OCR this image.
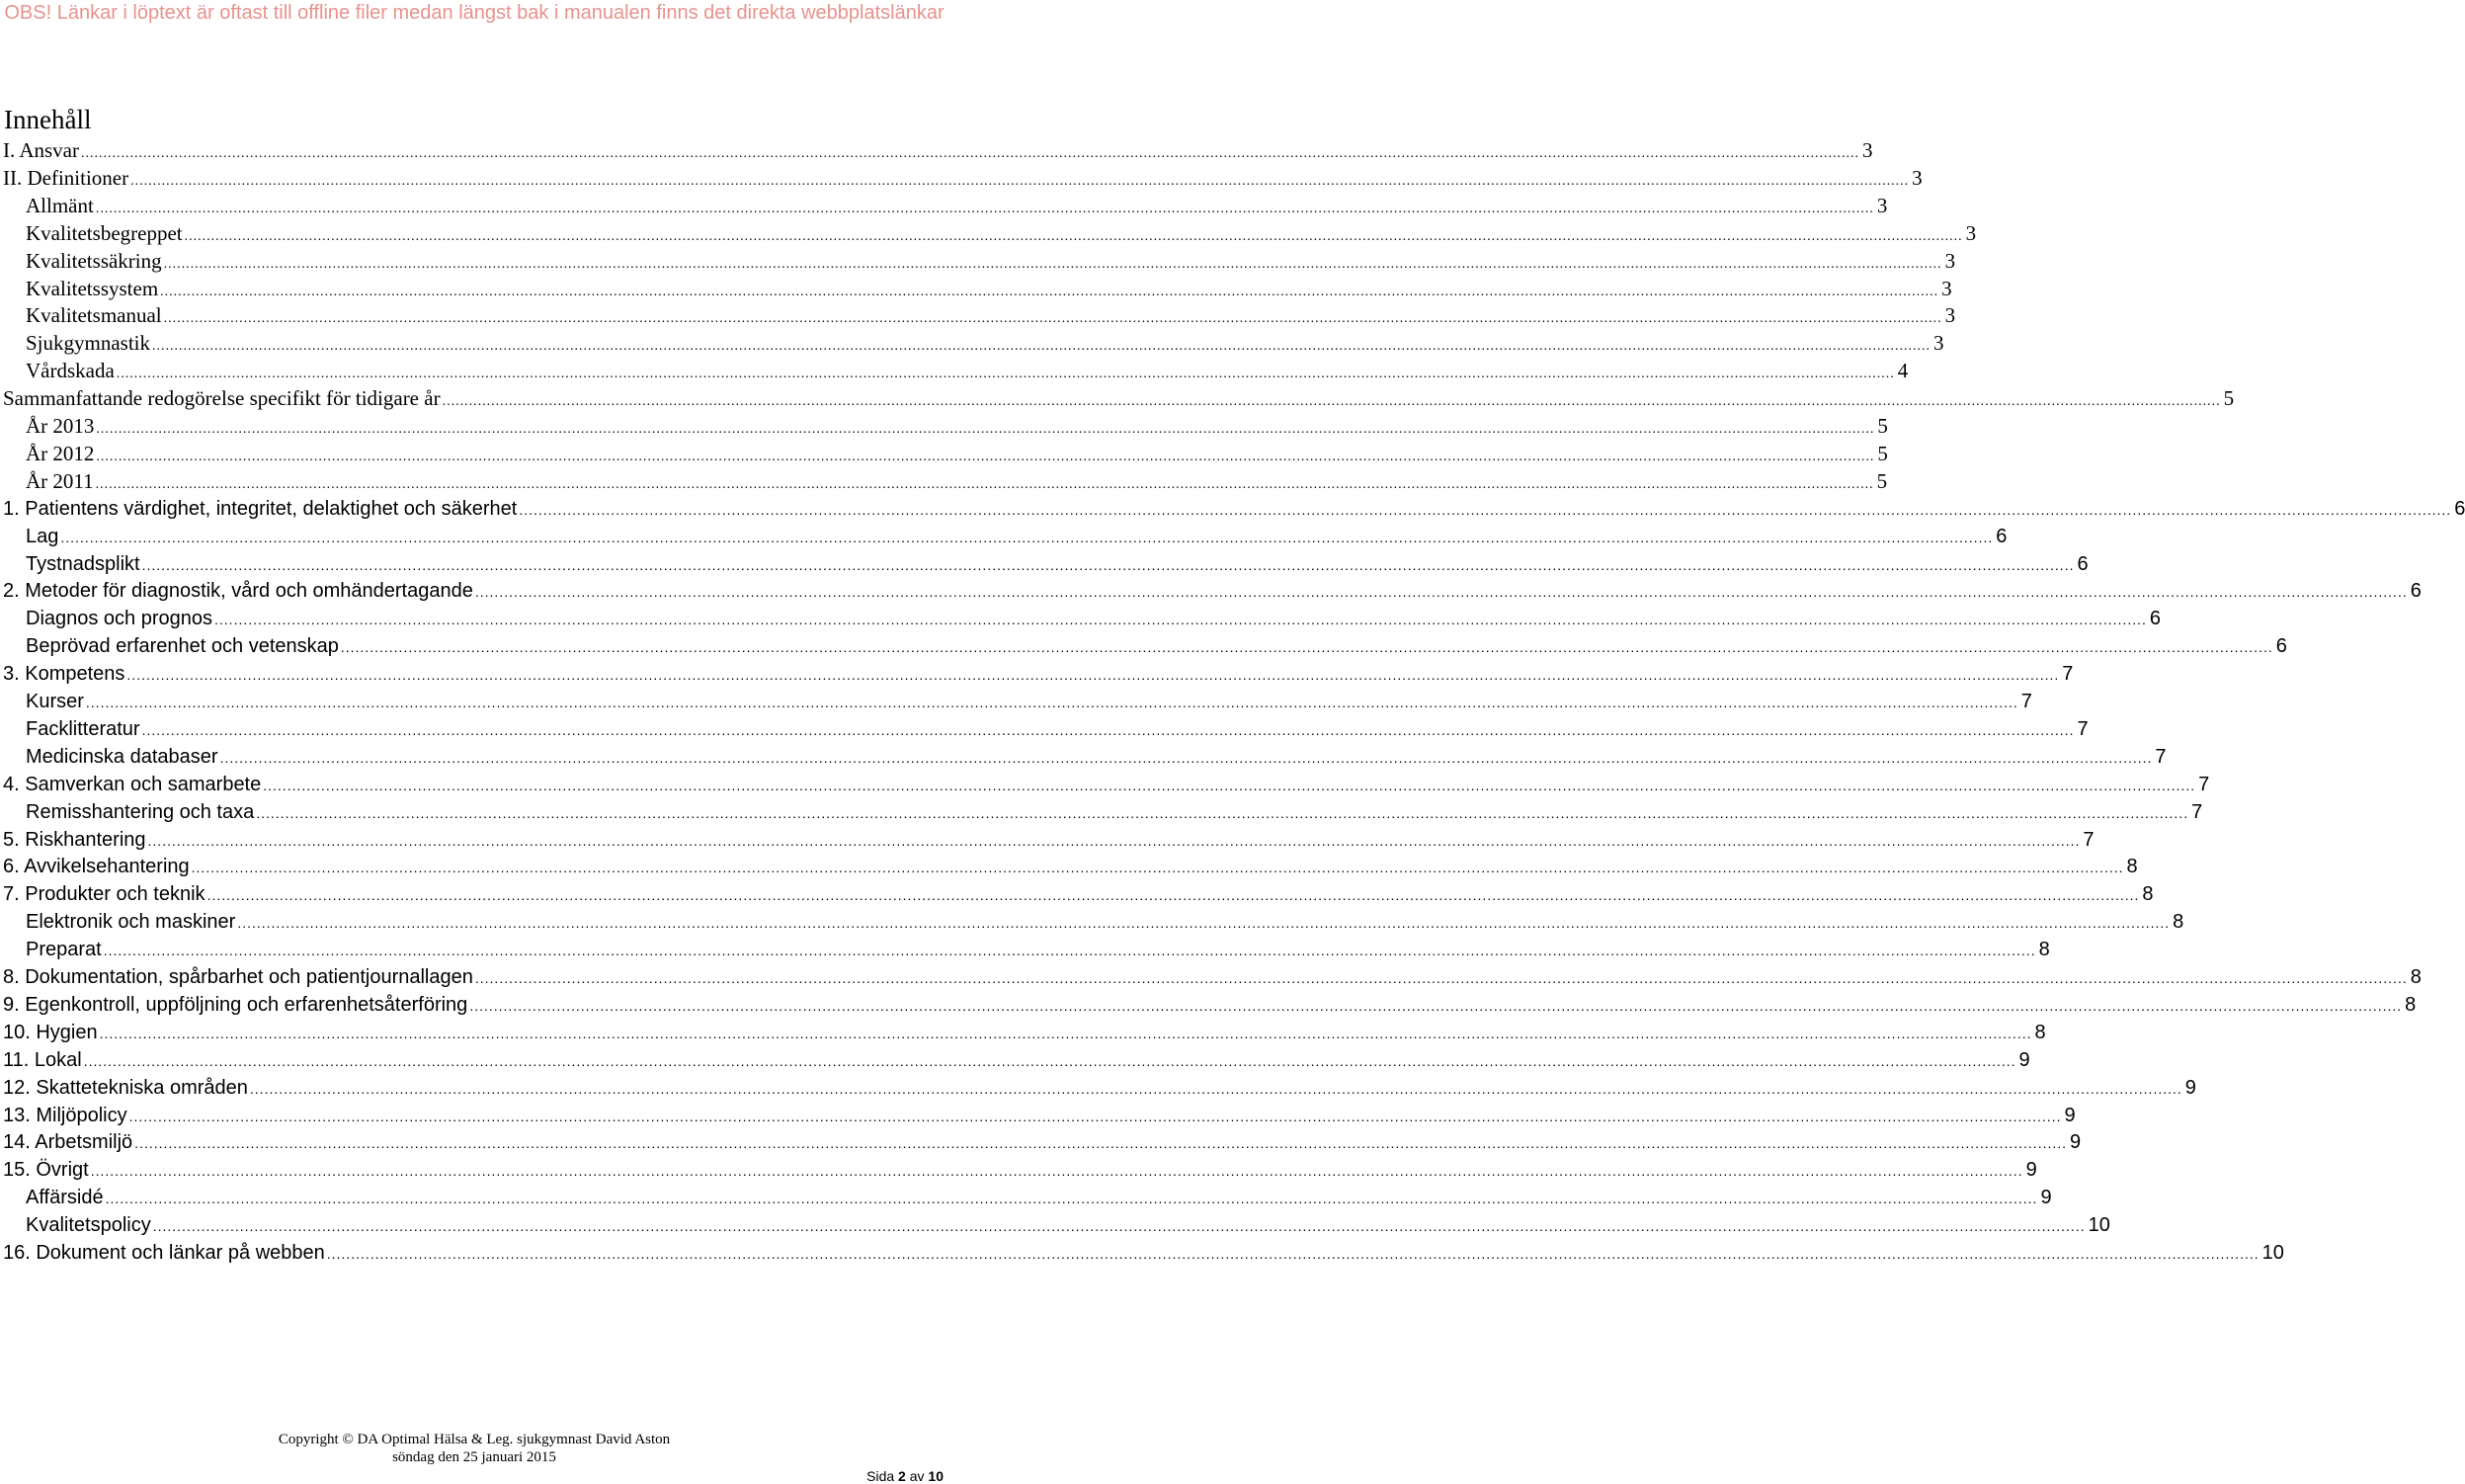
OBS! Länkar i löptext är oftast till offline filer medan längst bak i manualen finns det direkta webbplatslänkar
Innehåll
I. Ansvar ................................................................................................................................................................................................................................................................................................................................................................................................................ 3
II. Definitioner ................................................................................................................................................................................................................................................................................................................................................................................................................ 3
Allmänt ................................................................................................................................................................................................................................................................................................................................................................................................................ 3
Kvalitetsbegreppet ................................................................................................................................................................................................................................................................................................................................................................................................................ 3
Kvalitetssäkring ................................................................................................................................................................................................................................................................................................................................................................................................................ 3
Kvalitetssystem ................................................................................................................................................................................................................................................................................................................................................................................................................ 3
Kvalitetsmanual ................................................................................................................................................................................................................................................................................................................................................................................................................ 3
Sjukgymnastik ................................................................................................................................................................................................................................................................................................................................................................................................................ 3
Vårdskada ................................................................................................................................................................................................................................................................................................................................................................................................................ 4
Sammanfattande redogörelse specifikt för tidigare år ................................................................................................................................................................................................................................................................................................................................................................................................................ 5
År 2013 ................................................................................................................................................................................................................................................................................................................................................................................................................ 5
År 2012 ................................................................................................................................................................................................................................................................................................................................................................................................................ 5
År 2011 ................................................................................................................................................................................................................................................................................................................................................................................................................ 5
1. Patientens värdighet, integritet, delaktighet och säkerhet ................................................................................................................................................................................................................................................................................................................................................................................................................ 6
Lag ................................................................................................................................................................................................................................................................................................................................................................................................................ 6
Tystnadsplikt ................................................................................................................................................................................................................................................................................................................................................................................................................ 6
2. Metoder för diagnostik, vård och omhändertagande ................................................................................................................................................................................................................................................................................................................................................................................................................ 6
Diagnos och prognos ................................................................................................................................................................................................................................................................................................................................................................................................................ 6
Beprövad erfarenhet och vetenskap ................................................................................................................................................................................................................................................................................................................................................................................................................ 6
3. Kompetens ................................................................................................................................................................................................................................................................................................................................................................................................................ 7
Kurser ................................................................................................................................................................................................................................................................................................................................................................................................................ 7
Facklitteratur ................................................................................................................................................................................................................................................................................................................................................................................................................ 7
Medicinska databaser ................................................................................................................................................................................................................................................................................................................................................................................................................ 7
4. Samverkan och samarbete ................................................................................................................................................................................................................................................................................................................................................................................................................ 7
Remisshantering och taxa ................................................................................................................................................................................................................................................................................................................................................................................................................ 7
5. Riskhantering ................................................................................................................................................................................................................................................................................................................................................................................................................ 7
6. Avvikelsehantering ................................................................................................................................................................................................................................................................................................................................................................................................................ 8
7. Produkter och teknik ................................................................................................................................................................................................................................................................................................................................................................................................................ 8
Elektronik och maskiner ................................................................................................................................................................................................................................................................................................................................................................................................................ 8
Preparat ................................................................................................................................................................................................................................................................................................................................................................................................................ 8
8. Dokumentation, spårbarhet och patientjournallagen ................................................................................................................................................................................................................................................................................................................................................................................................................ 8
9. Egenkontroll, uppföljning och erfarenhetsåterföring ................................................................................................................................................................................................................................................................................................................................................................................................................ 8
10. Hygien ................................................................................................................................................................................................................................................................................................................................................................................................................ 8
11. Lokal ................................................................................................................................................................................................................................................................................................................................................................................................................ 9
12. Skattetekniska områden ................................................................................................................................................................................................................................................................................................................................................................................................................ 9
13. Miljöpolicy ................................................................................................................................................................................................................................................................................................................................................................................................................ 9
14. Arbetsmiljö ................................................................................................................................................................................................................................................................................................................................................................................................................ 9
15. Övrigt ................................................................................................................................................................................................................................................................................................................................................................................................................ 9
Affärsidé ................................................................................................................................................................................................................................................................................................................................................................................................................ 9
Kvalitetspolicy ................................................................................................................................................................................................................................................................................................................................................................................................................ 10
16. Dokument och länkar på webben ................................................................................................................................................................................................................................................................................................................................................................................................................ 10
Copyright © DA Optimal Hälsa & Leg. sjukgymnast David Aston
söndag den 25 januari 2015
Sida 2 av 10
